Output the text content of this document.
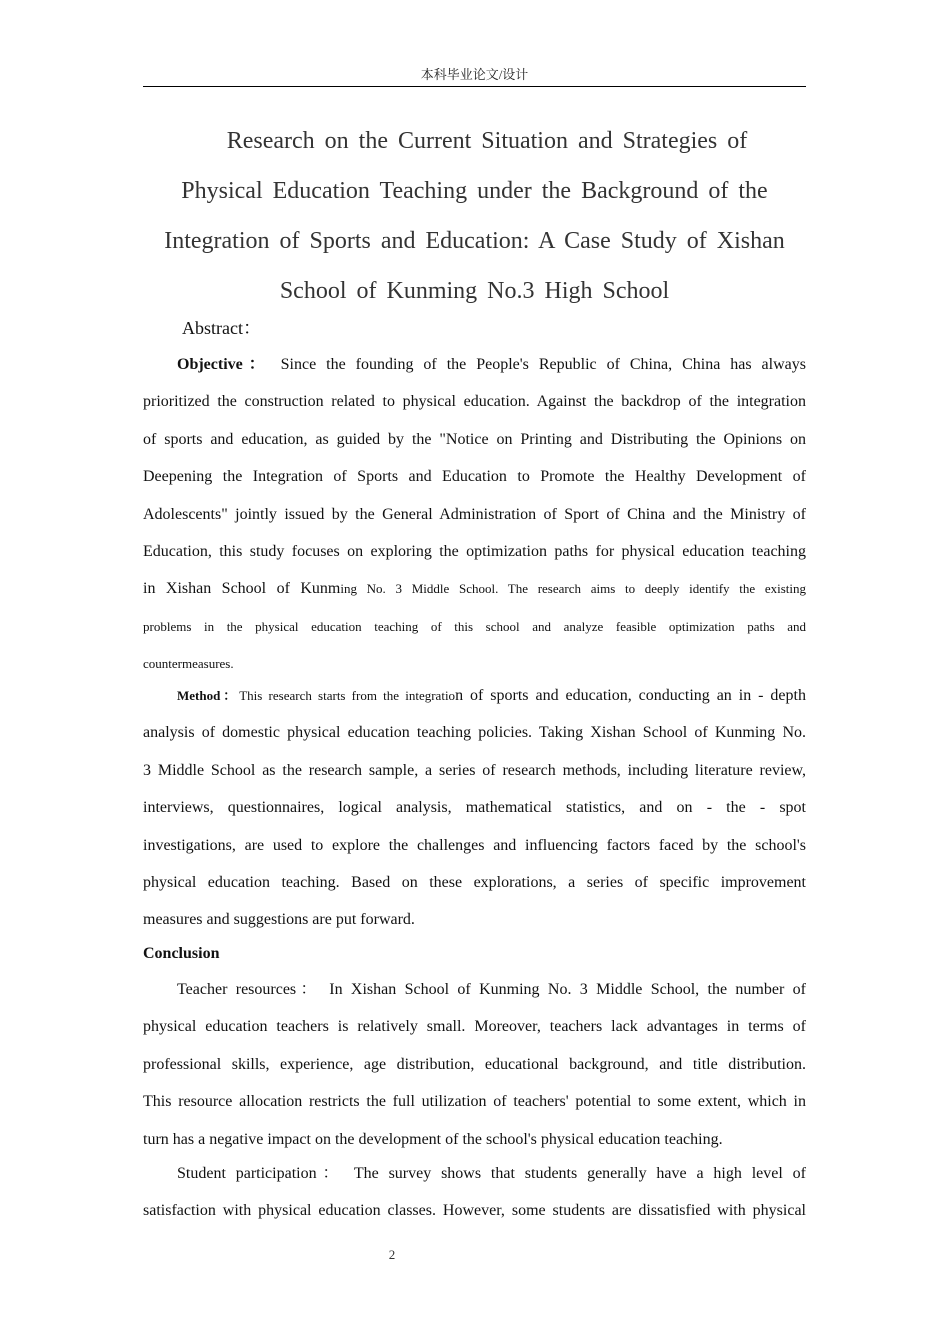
本科毕业论文/设计
Research on the Current Situation and Strategies of
Physical Education Teaching under the Background of the
Integration of Sports and Education: A Case Study of Xishan
School of Kunming No.3 High School
Abstract：
Objective： Since the founding of the People's Republic of China, China has always
prioritized the construction related to physical education. Against the backdrop of the integration
of sports and education, as guided by the "Notice on Printing and Distributing the Opinions on
Deepening the Integration of Sports and Education to Promote the Healthy Development of
Adolescents" jointly issued by the General Administration of Sport of China and the Ministry of
Education, this study focuses on exploring the optimization paths for physical education teaching
in Xishan School of Kunming No. 3 Middle School. The research aims to deeply identify the existing
problems in the physical education teaching of this school and analyze feasible optimization paths and
countermeasures.
Method：This research starts from the integration of sports and education, conducting an in - depth
analysis of domestic physical education teaching policies. Taking Xishan School of Kunming No.
3 Middle School as the research sample, a series of research methods, including literature review,
interviews, questionnaires, logical analysis, mathematical statistics, and on - the - spot
investigations, are used to explore the challenges and influencing factors faced by the school's
physical education teaching. Based on these explorations, a series of specific improvement
measures and suggestions are put forward.
Conclusion
Teacher resources： In Xishan School of Kunming No. 3 Middle School, the number of
physical education teachers is relatively small. Moreover, teachers lack advantages in terms of
professional skills, experience, age distribution, educational background, and title distribution.
This resource allocation restricts the full utilization of teachers' potential to some extent, which in
turn has a negative impact on the development of the school's physical education teaching.
Student participation： The survey shows that students generally have a high level of
satisfaction with physical education classes. However, some students are dissatisfied with physical
2
